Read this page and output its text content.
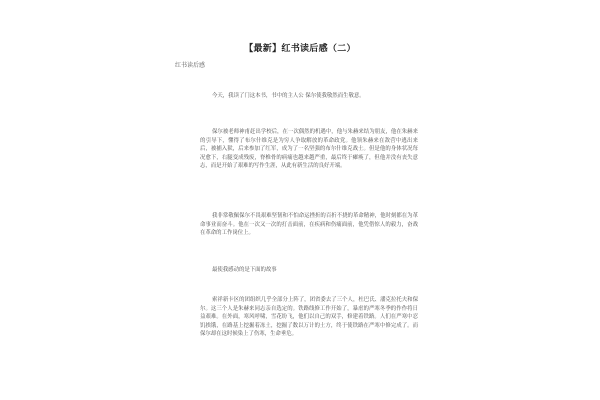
【最新】红书读后感（二）
红书读后感
今天，我读了门这本书，书中的主人公 保尔使我敬然而生敬意。
保尔被老师神甫赶出学校后，在一次偶然的机遇中，他与朱赫来结为朋友，他在朱赫来的引导下，懂得了布尔什维克是为穷人争取解放的革命政党。他领朱赫来在敌营中逃出来后，被捕入狱，后来参加了红军，成为了一名坚强的布尔什维克战士。但是他的身体状况每况愈下，右腿变成残废，脊椎骨的病痛也越来越严重，最后终于瘫痪了，但他并没有丧失意志，而是开始了艰难的写作生涯，从此有新生活的良好开端。
我非常敬佩保尔不畏艰难坚韧和不怕命运挫折的百折不挠的革命精神，他时刻都在为革命事业而奋斗。他在一次又一次的打击面前，在疾病和伤痛面前，他凭借惊人的毅力，奋战在革命的工作岗位上。
最使我感动的是下面的故事
索祥新卡区的团组织几乎全部分上阵了，团省委去了三个人，杜巴氏、潘克拉托夫和保尔。这三个人是朱赫来同志亲自选定的。铁路线修工作开始了，暴虐的严寒冬季的作作将日益艰难。在外面，寒风呼啸，雪花纷飞，他们以自己的双手，修建着铁路。人们在严寒中忍饥挨饿，在路基上挖掘着冻土，挖掘了数以万计的土方，终于使铁路在严寒中修完成了。而保尔却在这时候染上了伤寒，生命垂危。
